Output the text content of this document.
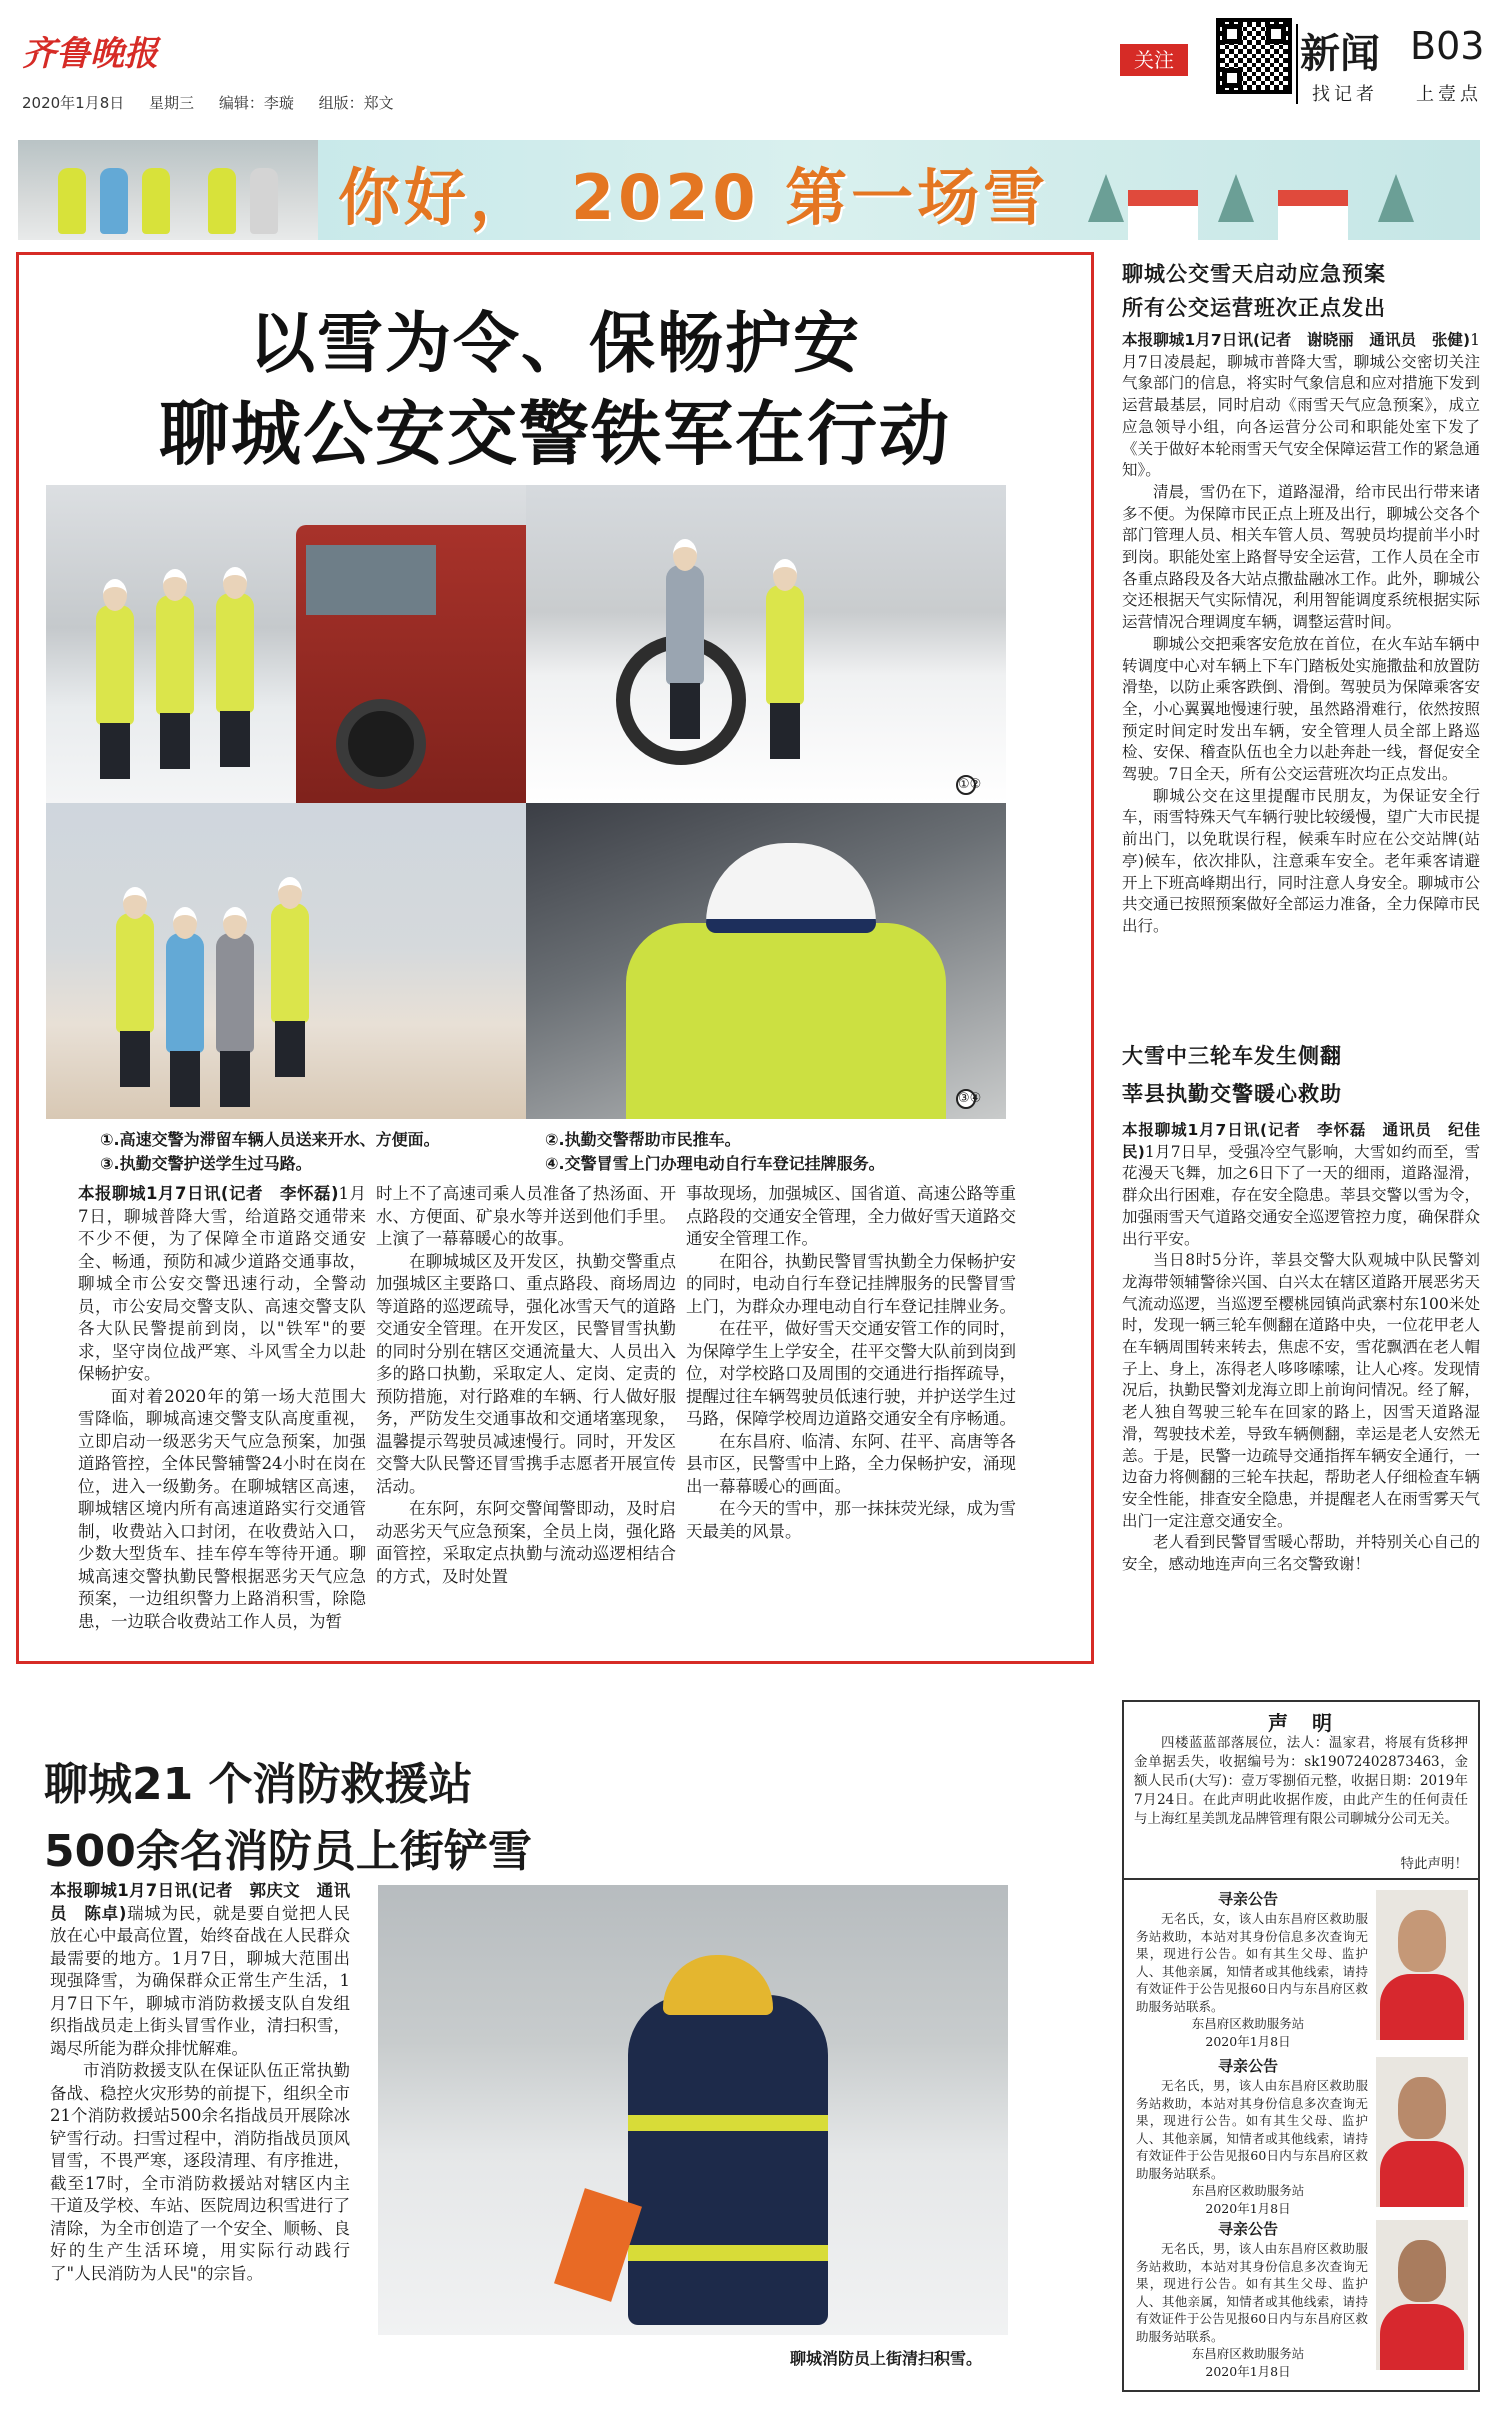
齐鲁晚报
2020年1月8日 星期三 编辑：李璇 组版：郑文
关注	新闻 B03
找记者 上壹点
你好，　2020 第一场雪
以雪为令、保畅护安
聊城公安交警铁军在行动
①②
③④
①.高速交警为滞留车辆人员送来开水、方便面。	②.执勤交警帮助市民推车。
③.执勤交警护送学生过马路。	④.交警冒雪上门办理电动自行车登记挂牌服务。

本报聊城1月7日讯(记者　李怀磊)1月7日，聊城普降大雪，给道路交通带来不少不便，为了保障全市道路交通安全、畅通，预防和减少道路交通事故，聊城全市公安交警迅速行动，全警动员，市公安局交警支队、高速交警支队各大队民警提前到岗，以"铁军"的要求，坚守岗位战严寒、斗风雪全力以赴保畅护安。

面对着2020年的第一场大范围大雪降临，聊城高速交警支队高度重视，立即启动一级恶劣天气应急预案，加强道路管控，全体民警辅警24小时在岗在位，进入一级勤务。在聊城辖区高速，聊城辖区境内所有高速道路实行交通管制，收费站入口封闭，在收费站入口，少数大型货车、挂车停车等待开通。聊城高速交警执勤民警根据恶劣天气应急预案，一边组织警力上路消积雪，除隐患，一边联合收费站工作人员，为暂

时上不了高速司乘人员准备了热汤面、开水、方便面、矿泉水等并送到他们手里。上演了一幕幕暖心的故事。

在聊城城区及开发区，执勤交警重点加强城区主要路口、重点路段、商场周边等道路的巡逻疏导，强化冰雪天气的道路交通安全管理。在开发区，民警冒雪执勤的同时分别在辖区交通流量大、人员出入多的路口执勤，采取定人、定岗、定责的预防措施，对行路难的车辆、行人做好服务，严防发生交通事故和交通堵塞现象，温馨提示驾驶员减速慢行。同时，开发区交警大队民警还冒雪携手志愿者开展宣传活动。

在东阿，东阿交警闻警即动，及时启动恶劣天气应急预案，全员上岗，强化路面管控，采取定点执勤与流动巡逻相结合的方式，及时处置

事故现场，加强城区、国省道、高速公路等重点路段的交通安全管理，全力做好雪天道路交通安全管理工作。

在阳谷，执勤民警冒雪执勤全力保畅护安的同时，电动自行车登记挂牌服务的民警冒雪上门，为群众办理电动自行车登记挂牌业务。

在茌平，做好雪天交通安管工作的同时，为保障学生上学安全，茌平交警大队前到岗到位，对学校路口及周围的交通进行指挥疏导，提醒过往车辆驾驶员低速行驶，并护送学生过马路，保障学校周边道路交通安全有序畅通。

在东昌府、临清、东阿、茌平、高唐等各县市区，民警雪中上路，全力保畅护安，涌现出一幕幕暖心的画面。

在今天的雪中，那一抹抹荧光绿，成为雪天最美的风景。

聊城21 个消防救援站
500余名消防员上街铲雪

本报聊城1月7日讯(记者　郭庆文　通讯员　陈卓)瑞城为民，就是要自觉把人民放在心中最高位置，始终奋战在人民群众最需要的地方。1月7日，聊城大范围出现强降雪，为确保群众正常生产生活，1月7日下午，聊城市消防救援支队自发组织指战员走上街头冒雪作业，清扫积雪，竭尽所能为群众排忧解难。

市消防救援支队在保证队伍正常执勤备战、稳控火灾形势的前提下，组织全市21个消防救援站500余名指战员开展除冰铲雪行动。扫雪过程中，消防指战员顶风冒雪，不畏严寒，逐段清理、有序推进，截至17时，全市消防救援站对辖区内主干道及学校、车站、医院周边积雪进行了清除，为全市创造了一个安全、顺畅、良好的生产生活环境，用实际行动践行了"人民消防为人民"的宗旨。

聊城消防员上街清扫积雪。
聊城公交雪天启动应急预案
所有公交运营班次正点发出

本报聊城1月7日讯(记者　谢晓丽　通讯员　张健)1月7日凌晨起，聊城市普降大雪，聊城公交密切关注气象部门的信息，将实时气象信息和应对措施下发到运营最基层，同时启动《雨雪天气应急预案》，成立应急领导小组，向各运营分公司和职能处室下发了《关于做好本轮雨雪天气安全保障运营工作的紧急通知》。

清晨，雪仍在下，道路湿滑，给市民出行带来诸多不便。为保障市民正点上班及出行，聊城公交各个部门管理人员、相关车管人员、驾驶员均提前半小时到岗。职能处室上路督导安全运营，工作人员在全市各重点路段及各大站点撒盐融冰工作。此外，聊城公交还根据天气实际情况，利用智能调度系统根据实际运营情况合理调度车辆，调整运营时间。

聊城公交把乘客安危放在首位，在火车站车辆中转调度中心对车辆上下车门踏板处实施撒盐和放置防滑垫，以防止乘客跌倒、滑倒。驾驶员为保障乘客安全，小心翼翼地慢速行驶，虽然路滑难行，依然按照预定时间定时发出车辆，安全管理人员全部上路巡检、安保、稽查队伍也全力以赴奔赴一线，督促安全驾驶。7日全天，所有公交运营班次均正点发出。

聊城公交在这里提醒市民朋友，为保证安全行车，雨雪特殊天气车辆行驶比较缓慢，望广大市民提前出门，以免耽误行程，候乘车时应在公交站牌(站亭)候车，依次排队，注意乘车安全。老年乘客请避开上下班高峰期出行，同时注意人身安全。聊城市公共交通已按照预案做好全部运力准备，全力保障市民出行。

大雪中三轮车发生侧翻
莘县执勤交警暖心救助

本报聊城1月7日讯(记者　李怀磊　通讯员　纪佳民)1月7日早，受强冷空气影响，大雪如约而至，雪花漫天飞舞，加之6日下了一天的细雨，道路湿滑，群众出行困难，存在安全隐患。莘县交警以雪为令，加强雨雪天气道路交通安全巡逻管控力度，确保群众出行平安。

当日8时5分许，莘县交警大队观城中队民警刘龙海带领辅警徐兴国、白兴太在辖区道路开展恶劣天气流动巡逻，当巡逻至樱桃园镇尚武寨村东100米处时，发现一辆三轮车侧翻在道路中央，一位花甲老人在车辆周围转来转去，焦虑不安，雪花飘洒在老人帽子上、身上，冻得老人哆哆嗦嗦，让人心疼。发现情况后，执勤民警刘龙海立即上前询问情况。经了解，老人独自驾驶三轮车在回家的路上，因雪天道路湿滑，驾驶技术差，导致车辆侧翻，幸运是老人安然无恙。于是，民警一边疏导交通指挥车辆安全通行，一边奋力将侧翻的三轮车扶起，帮助老人仔细检查车辆安全性能，排查安全隐患，并提醒老人在雨雪雾天气出门一定注意交通安全。

老人看到民警冒雪暖心帮助，并特别关心自己的安全，感动地连声向三名交警致谢！

声　明

四楼蓝蓝部落展位，法人：温家君，将展有货移押金单据丢失，收据编号为：sk19072402873463，金额人民币(大写)：壹万零捌佰元整，收据日期：2019年7月24日。在此声明此收据作废，由此产生的任何责任与上海红星美凯龙品牌管理有限公司聊城分公司无关。

特此声明！
寻亲公告
无名氏，女，该人由东昌府区救助服务站救助，本站对其身份信息多次查询无果，现进行公告。如有其生父母、监护人、其他亲属，知情者或其他线索，请持有效证件于公告见报60日内与东昌府区救助服务站联系。
东昌府区救助服务站
2020年1月8日
寻亲公告
无名氏，男，该人由东昌府区救助服务站救助，本站对其身份信息多次查询无果，现进行公告。如有其生父母、监护人、其他亲属，知情者或其他线索，请持有效证件于公告见报60日内与东昌府区救助服务站联系。
东昌府区救助服务站
2020年1月8日
寻亲公告
无名氏，男，该人由东昌府区救助服务站救助，本站对其身份信息多次查询无果，现进行公告。如有其生父母、监护人、其他亲属，知情者或其他线索，请持有效证件于公告见报60日内与东昌府区救助服务站联系。
东昌府区救助服务站
2020年1月8日
